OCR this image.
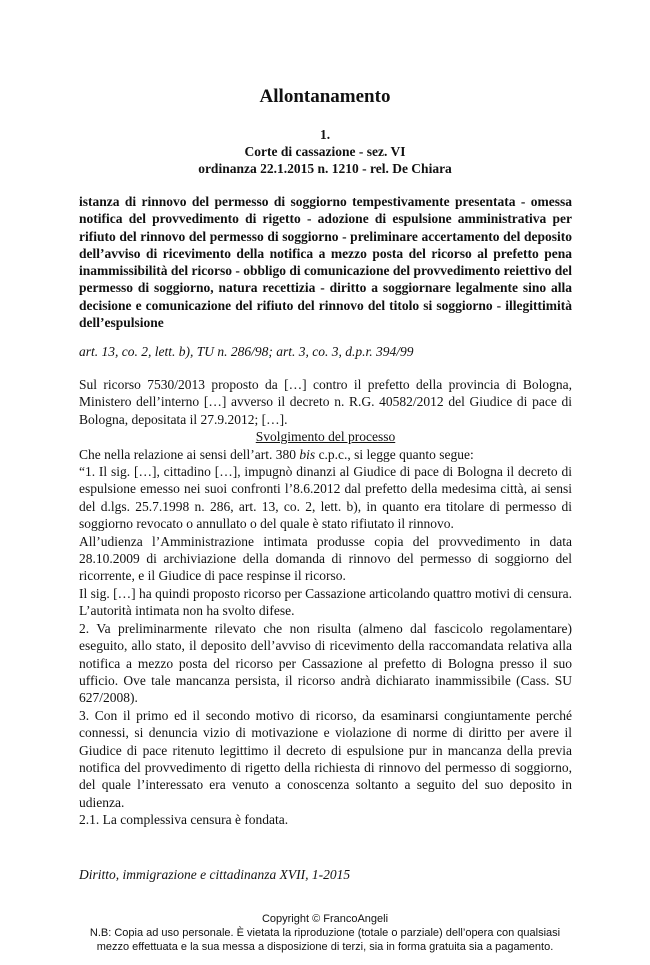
Allontanamento
1.
Corte di cassazione - sez. VI
ordinanza 22.1.2015 n. 1210 - rel. De Chiara
istanza di rinnovo del permesso di soggiorno tempestivamente presentata - omessa notifica del provvedimento di rigetto - adozione di espulsione amministrativa per rifiuto del rinnovo del permesso di soggiorno - preliminare accertamento del deposito dell’avviso di ricevimento della notifica a mezzo posta del ricorso al prefetto pena inammissibilità del ricorso - obbligo di comunicazione del provvedimento reiettivo del permesso di soggiorno, natura recettizia - diritto a soggiornare legalmente sino alla decisione e comunicazione del rifiuto del rinnovo del titolo si soggiorno - illegittimità dell’espulsione
art. 13, co. 2, lett. b), TU n. 286/98; art. 3, co. 3, d.p.r. 394/99

Sul ricorso 7530/2013 proposto da […] contro il prefetto della provincia di Bologna, Ministero dell’interno […] avverso il decreto n. R.G. 40582/2012 del Giudice di pace di Bologna, depositata il 27.9.2012; […].

Svolgimento del processo

Che nella relazione ai sensi dell’art. 380 bis c.p.c., si legge quanto segue:

“1. Il sig. […], cittadino […], impugnò dinanzi al Giudice di pace di Bologna il decreto di espulsione emesso nei suoi confronti l’8.6.2012 dal prefetto della medesima città, ai sensi del d.lgs. 25.7.1998 n. 286, art. 13, co. 2, lett. b), in quanto era titolare di permesso di soggiorno revocato o annullato o del quale è stato rifiutato il rinnovo.

All’udienza l’Amministrazione intimata produsse copia del provvedimento in data 28.10.2009 di archiviazione della domanda di rinnovo del permesso di soggiorno del ricorrente, e il Giudice di pace respinse il ricorso.

Il sig. […] ha quindi proposto ricorso per Cassazione articolando quattro motivi di censura. L’autorità intimata non ha svolto difese.

2. Va preliminarmente rilevato che non risulta (almeno dal fascicolo regolamentare) eseguito, allo stato, il deposito dell’avviso di ricevimento della raccomandata relativa alla notifica a mezzo posta del ricorso per Cassazione al prefetto di Bologna presso il suo ufficio. Ove tale mancanza persista, il ricorso andrà dichiarato inammissibile (Cass. SU 627/2008).

3. Con il primo ed il secondo motivo di ricorso, da esaminarsi congiuntamente perché connessi, si denuncia vizio di motivazione e violazione di norme di diritto per avere il Giudice di pace ritenuto legittimo il decreto di espulsione pur in mancanza della previa notifica del provvedimento di rigetto della richiesta di rinnovo del permesso di soggiorno, del quale l’interessato era venuto a conoscenza soltanto a seguito del suo deposito in udienza.

2.1. La complessiva censura è fondata.

Diritto, immigrazione e cittadinanza XVII, 1-2015
Copyright © FrancoAngeli
N.B: Copia ad uso personale. È vietata la riproduzione (totale o parziale) dell’opera con qualsiasi
mezzo effettuata e la sua messa a disposizione di terzi, sia in forma gratuita sia a pagamento.
